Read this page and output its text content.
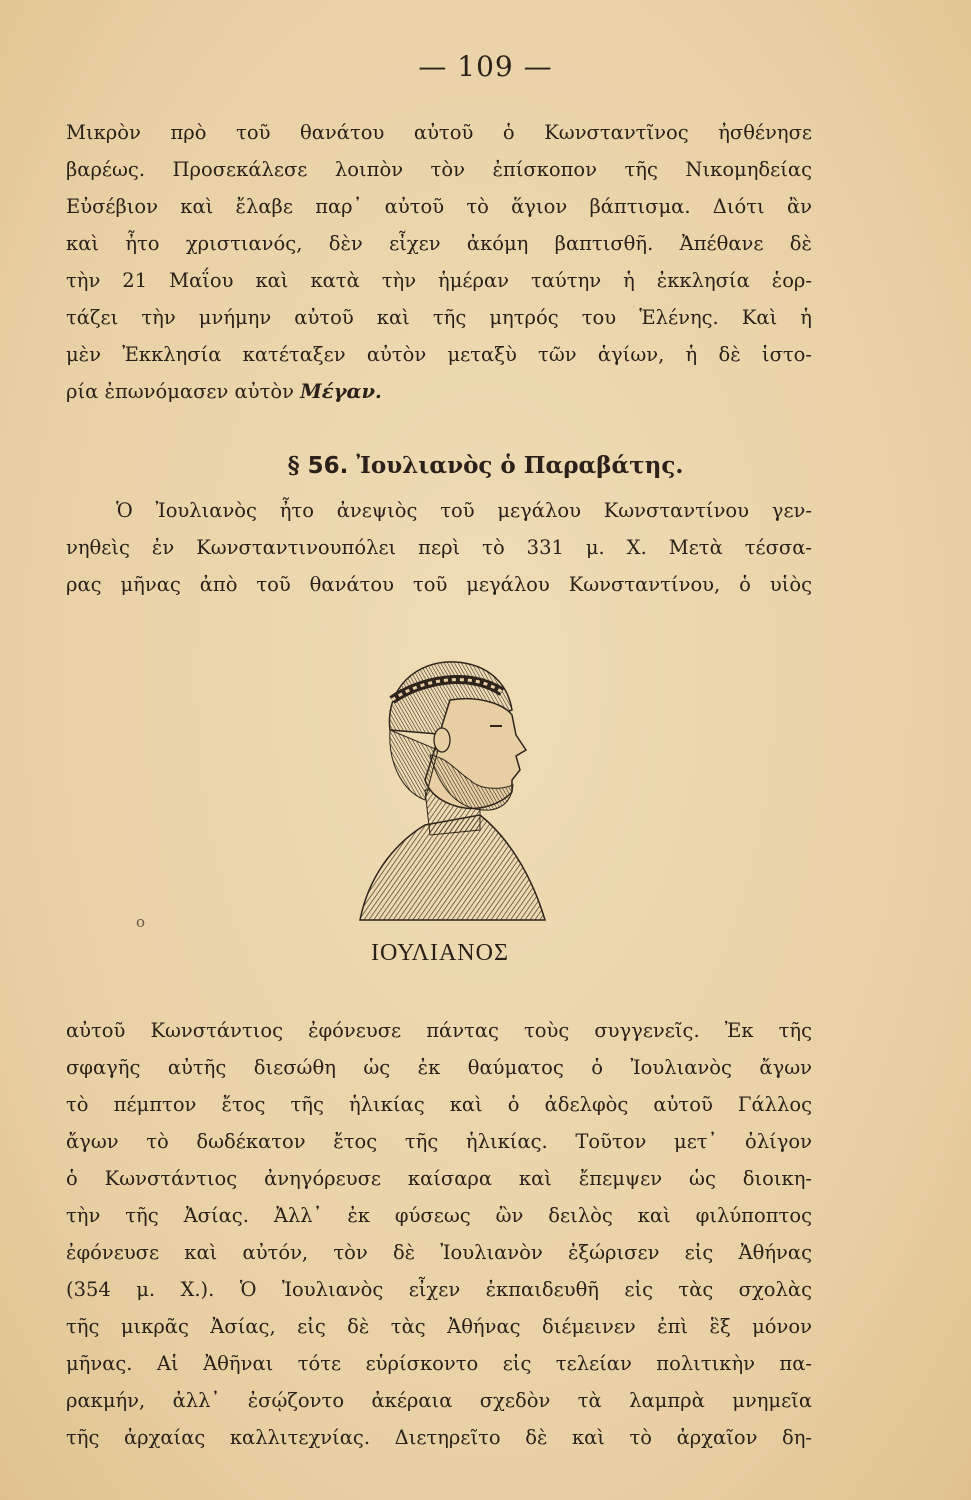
— 109 —
Μικρὸν πρὸ τοῦ θανάτου αὐτοῦ ὁ Κωνσταντῖνος ἠσθένησε
βαρέως. Προσεκάλεσε λοιπὸν τὸν ἐπίσκοπον τῆς Νικομηδείας
Εὐσέβιον καὶ ἔλαβε παρ᾽ αὐτοῦ τὸ ἅγιον βάπτισμα. Διότι ἂν
καὶ ἦτο χριστιανός, δὲν εἶχεν ἀκόμη βαπτισθῆ. Ἀπέθανε δὲ
τὴν 21 Μαΐου καὶ κατὰ τὴν ἡμέραν ταύτην ἡ ἐκκλησία ἑορ-
τάζει τὴν μνήμην αὐτοῦ καὶ τῆς μητρός του Ἑλένης. Καὶ ἡ
μὲν Ἐκκλησία κατέταξεν αὐτὸν μεταξὺ τῶν ἁγίων, ἡ δὲ ἱστο-
ρία ἐπωνόμασεν αὐτὸν Μέγαν.
§ 56. Ἰουλιανὸς ὁ Παραβάτης.
Ὁ Ἰουλιανὸς ἦτο ἀνεψιὸς τοῦ μεγάλου Κωνσταντίνου γεν-
νηθεὶς ἐν Κωνσταντινουπόλει περὶ τὸ 331 μ. Χ. Μετὰ τέσσα-
ρας μῆνας ἀπὸ τοῦ θανάτου τοῦ μεγάλου Κωνσταντίνου, ὁ υἱὸς
ο
ΙΟΥΛΙΑΝΟΣ
αὐτοῦ Κωνστάντιος ἐφόνευσε πάντας τοὺς συγγενεῖς. Ἐκ τῆς
σφαγῆς αὐτῆς διεσώθη ὡς ἐκ θαύματος ὁ Ἰουλιανὸς ἄγων
τὸ πέμπτον ἔτος τῆς ἡλικίας καὶ ὁ ἀδελφὸς αὐτοῦ Γάλλος
ἄγων τὸ δωδέκατον ἔτος τῆς ἡλικίας. Τοῦτον μετ᾽ ὀλίγον
ὁ Κωνστάντιος ἀνηγόρευσε καίσαρα καὶ ἔπεμψεν ὡς διοικη-
τὴν τῆς Ἀσίας. Ἀλλ᾽ ἐκ φύσεως ὢν δειλὸς καὶ φιλύποπτος
ἐφόνευσε καὶ αὐτόν, τὸν δὲ Ἰουλιανὸν ἐξώρισεν εἰς Ἀθήνας
(354 μ. Χ.). Ὁ Ἰουλιανὸς εἶχεν ἐκπαιδευθῆ εἰς τὰς σχολὰς
τῆς μικρᾶς Ἀσίας, εἰς δὲ τὰς Ἀθήνας διέμεινεν ἐπὶ ἓξ μόνον
μῆνας. Αἱ Ἀθῆναι τότε εὑρίσκοντο εἰς τελείαν πολιτικὴν πα-
ρακμήν, ἀλλ᾽ ἐσῴζοντο ἀκέραια σχεδὸν τὰ λαμπρὰ μνημεῖα
τῆς ἀρχαίας καλλιτεχνίας. Διετηρεῖτο δὲ καὶ τὸ ἀρχαῖον δη-
